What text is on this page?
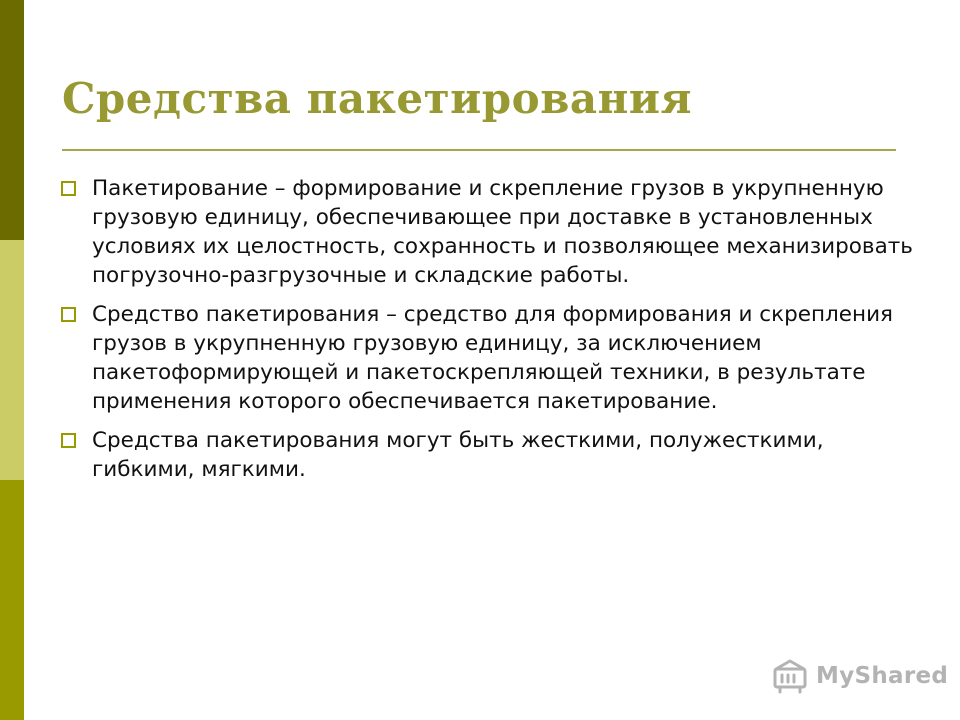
Средства пакетирования
Пакетирование – формирование и скрепление грузов в укрупненную грузовую единицу, обеспечивающее при доставке в установленных условиях их целостность, сохранность и позволяющее механизировать погрузочно-разгрузочные и складские работы.
Средство пакетирования – средство для формирования и скрепления грузов в укрупненную грузовую единицу, за исключением пакетоформирующей и пакетоскрепляющей техники, в результате применения которого обеспечивается пакетирование.
Средства пакетирования могут быть жесткими, полужесткими, гибкими, мягкими.
MyShared
